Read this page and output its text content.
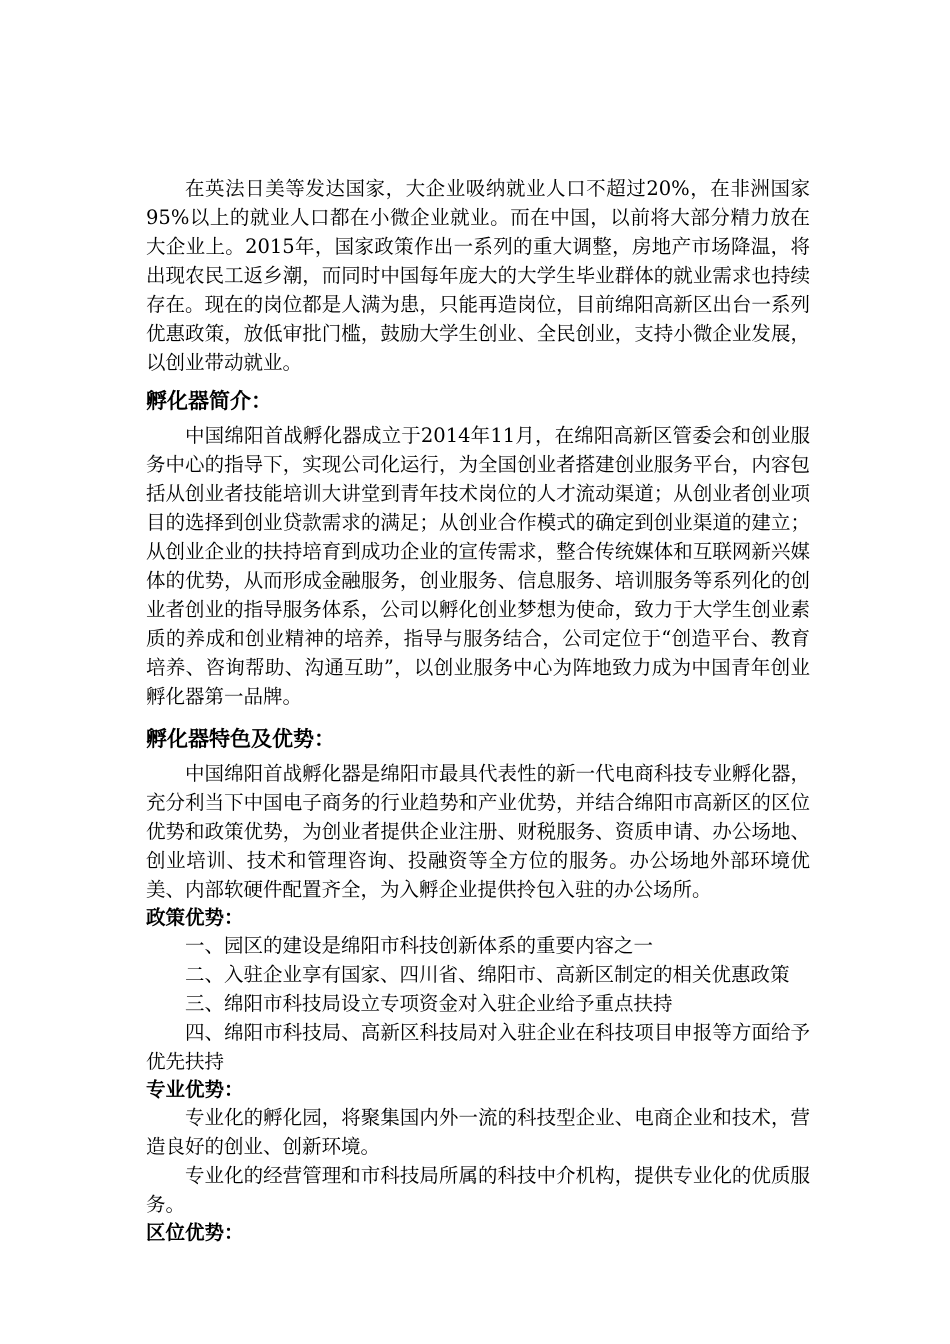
在英法日美等发达国家，大企业吸纳就业人口不超过20%，在非洲国家95%以上的就业人口都在小微企业就业。而在中国，以前将大部分精力放在大企业上。2015年，国家政策作出一系列的重大调整，房地产市场降温，将出现农民工返乡潮，而同时中国每年庞大的大学生毕业群体的就业需求也持续存在。现在的岗位都是人满为患，只能再造岗位，目前绵阳高新区出台一系列优惠政策，放低审批门槛，鼓励大学生创业、全民创业，支持小微企业发展，以创业带动就业。

孵化器简介：

中国绵阳首战孵化器成立于2014年11月，在绵阳高新区管委会和创业服务中心的指导下，实现公司化运行，为全国创业者搭建创业服务平台，内容包括从创业者技能培训大讲堂到青年技术岗位的人才流动渠道；从创业者创业项目的选择到创业贷款需求的满足；从创业合作模式的确定到创业渠道的建立；从创业企业的扶持培育到成功企业的宣传需求，整合传统媒体和互联网新兴媒体的优势，从而形成金融服务，创业服务、信息服务、培训服务等系列化的创业者创业的指导服务体系，公司以孵化创业梦想为使命，致力于大学生创业素质的养成和创业精神的培养，指导与服务结合，公司定位于“创造平台、教育培养、咨询帮助、沟通互助”，以创业服务中心为阵地致力成为中国青年创业孵化器第一品牌。

孵化器特色及优势：

中国绵阳首战孵化器是绵阳市最具代表性的新一代电商科技专业孵化器，充分利当下中国电子商务的行业趋势和产业优势，并结合绵阳市高新区的区位优势和政策优势，为创业者提供企业注册、财税服务、资质申请、办公场地、创业培训、技术和管理咨询、投融资等全方位的服务。办公场地外部环境优美、内部软硬件配置齐全，为入孵企业提供拎包入驻的办公场所。

政策优势：

一、园区的建设是绵阳市科技创新体系的重要内容之一

二、入驻企业享有国家、四川省、绵阳市、高新区制定的相关优惠政策

三、绵阳市科技局设立专项资金对入驻企业给予重点扶持

四、绵阳市科技局、高新区科技局对入驻企业在科技项目申报等方面给予优先扶持

专业优势：

专业化的孵化园，将聚集国内外一流的科技型企业、电商企业和技术，营造良好的创业、创新环境。

专业化的经营管理和市科技局所属的科技中介机构，提供专业化的优质服务。

区位优势：
